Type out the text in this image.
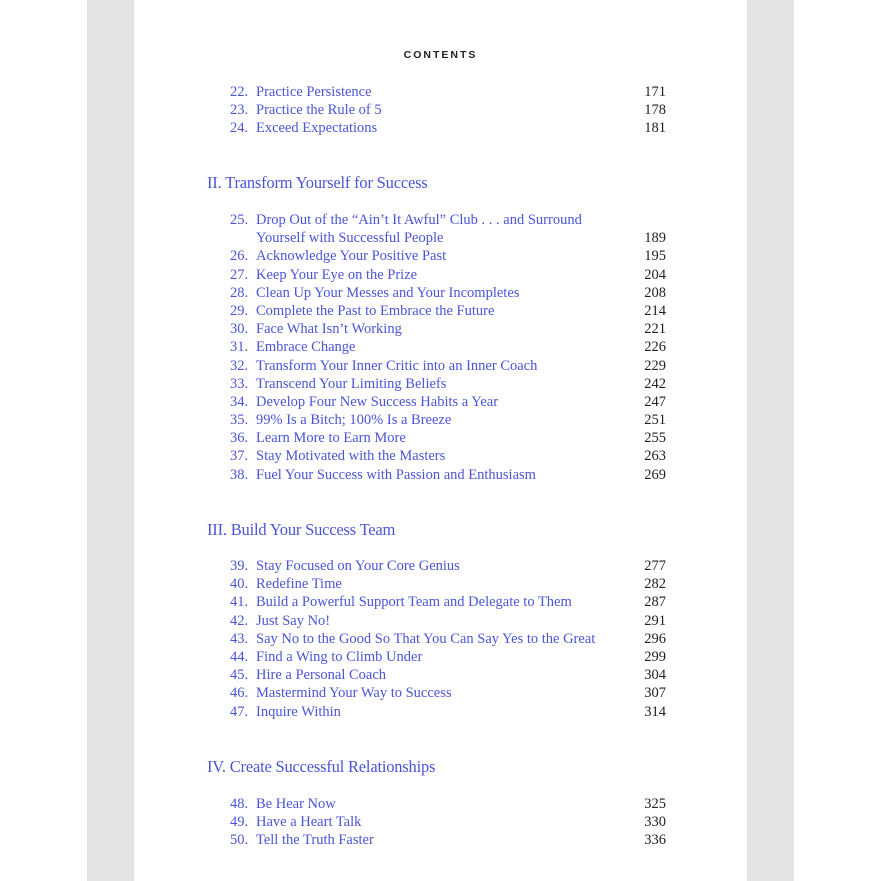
CONTENTS
22. Practice Persistence	171
23. Practice the Rule of 5	178
24. Exceed Expectations	181
II. Transform Yourself for Success
25. Drop Out of the “Ain’t It Awful” Club . . . and Surround
Yourself with Successful People	189
26. Acknowledge Your Positive Past	195
27. Keep Your Eye on the Prize	204
28. Clean Up Your Messes and Your Incompletes	208
29. Complete the Past to Embrace the Future	214
30. Face What Isn’t Working	221
31. Embrace Change	226
32. Transform Your Inner Critic into an Inner Coach	229
33. Transcend Your Limiting Beliefs	242
34. Develop Four New Success Habits a Year	247
35. 99% Is a Bitch; 100% Is a Breeze	251
36. Learn More to Earn More	255
37. Stay Motivated with the Masters	263
38. Fuel Your Success with Passion and Enthusiasm	269
III. Build Your Success Team
39. Stay Focused on Your Core Genius	277
40. Redefine Time	282
41. Build a Powerful Support Team and Delegate to Them	287
42. Just Say No!	291
43. Say No to the Good So That You Can Say Yes to the Great	296
44. Find a Wing to Climb Under	299
45. Hire a Personal Coach	304
46. Mastermind Your Way to Success	307
47. Inquire Within	314
IV. Create Successful Relationships
48. Be Hear Now	325
49. Have a Heart Talk	330
50. Tell the Truth Faster	336
